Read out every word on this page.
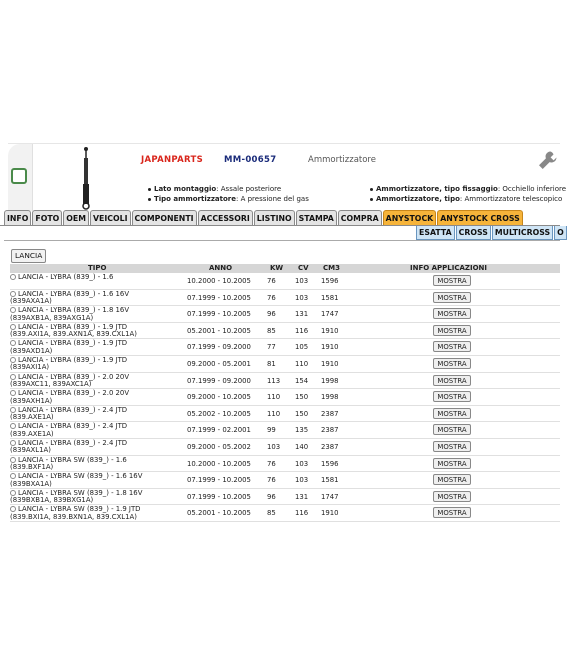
JAPANPARTS MM-00657	Ammortizzatore
Lato montaggio: Assale posteriore
Tipo ammortizzatore: A pressione del gas
Ammortizzatore, tipo fissaggio: Occhiello inferiore
Ammortizzatore, tipo: Ammortizzatore telescopico
INFO FOTO OEM VEICOLI COMPONENTI ACCESSORI LISTINO STAMPA COMPRA ANYSTOCK ANYSTOCK CROSS
ESATTA CROSS MULTICROSS O
LANCIA
TIPO	ANNO	KW CV CM3	INFO APPLICAZIONI
LANCIA - LYBRA (839_) - 1.6	10.2000 - 10.2005 76	103 1596	MOSTRA
LANCIA - LYBRA (839_) - 1.6 16V
(839AXA1A)	07.1999 - 10.2005 76	103 1581	MOSTRA
LANCIA - LYBRA (839_) - 1.8 16V
(839AXB1A, 839AXG1A)	07.1999 - 10.2005 96	131 1747	MOSTRA
LANCIA - LYBRA (839_) - 1.9 JTD
(839.AXI1A, 839.AXN1A, 839.CXL1A)	05.2001 - 10.2005 85	116 1910	MOSTRA
LANCIA - LYBRA (839_) - 1.9 JTD
(839AXD1A)	07.1999 - 09.2000 77	105 1910	MOSTRA
LANCIA - LYBRA (839_) - 1.9 JTD
(839AXI1A)	09.2000 - 05.2001 81	110 1910	MOSTRA
LANCIA - LYBRA (839_) - 2.0 20V
(839AXC11, 839AXC1A)	07.1999 - 09.2000 113 154 1998	MOSTRA
LANCIA - LYBRA (839_) - 2.0 20V
(839AXH1A)	09.2000 - 10.2005 110 150 1998	MOSTRA
LANCIA - LYBRA (839_) - 2.4 JTD
(839.AXE1A)	05.2002 - 10.2005 110 150 2387	MOSTRA
LANCIA - LYBRA (839_) - 2.4 JTD
(839.AXE1A)	07.1999 - 02.2001 99	135 2387	MOSTRA
LANCIA - LYBRA (839_) - 2.4 JTD
(839AXL1A)	09.2000 - 05.2002 103 140 2387	MOSTRA
LANCIA - LYBRA SW (839_) - 1.6
(839.BXF1A)	10.2000 - 10.2005 76	103 1596	MOSTRA
LANCIA - LYBRA SW (839_) - 1.6 16V
(839BXA1A)	07.1999 - 10.2005 76	103 1581	MOSTRA
LANCIA - LYBRA SW (839_) - 1.8 16V
(839BXB1A, 839BXG1A)	07.1999 - 10.2005 96	131 1747	MOSTRA
LANCIA - LYBRA SW (839_) - 1.9 JTD
(839.BXI1A, 839.BXN1A, 839.CXL1A)	05.2001 - 10.2005 85	116 1910	MOSTRA
